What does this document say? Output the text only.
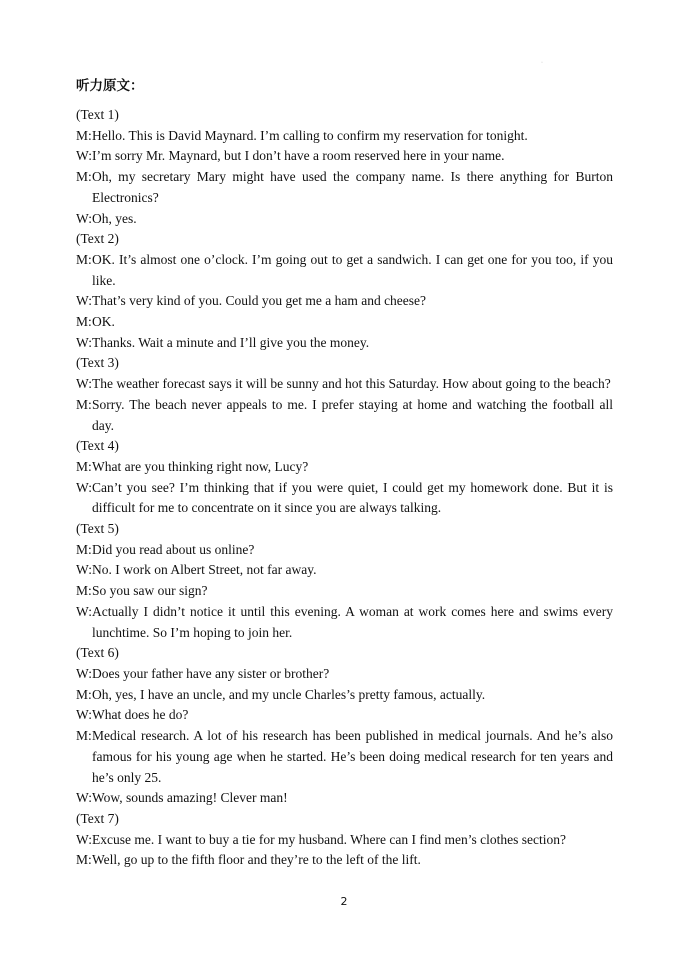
·
听力原文：
(Text 1)
M: Hello. This is David Maynard. I’m calling to confirm my reservation for tonight.
W: I’m sorry Mr. Maynard, but I don’t have a room reserved here in your name.
M: Oh, my secretary Mary might have used the company name. Is there anything for Burton Electronics?
W: Oh, yes.
(Text 2)
M: OK. It’s almost one o’clock. I’m going out to get a sandwich. I can get one for you too, if you like.
W: That’s very kind of you. Could you get me a ham and cheese?
M: OK.
W: Thanks. Wait a minute and I’ll give you the money.
(Text 3)
W: The weather forecast says it will be sunny and hot this Saturday. How about going to the beach?
M: Sorry. The beach never appeals to me. I prefer staying at home and watching the football all day.
(Text 4)
M: What are you thinking right now, Lucy?
W: Can’t you see? I’m thinking that if you were quiet, I could get my homework done. But it is difficult for me to concentrate on it since you are always talking.
(Text 5)
M: Did you read about us online?
W: No. I work on Albert Street, not far away.
M: So you saw our sign?
W: Actually I didn’t notice it until this evening. A woman at work comes here and swims every lunchtime. So I’m hoping to join her.
(Text 6)
W: Does your father have any sister or brother?
M: Oh, yes, I have an uncle, and my uncle Charles’s pretty famous, actually.
W: What does he do?
M: Medical research. A lot of his research has been published in medical journals. And he’s also famous for his young age when he started. He’s been doing medical research for ten years and he’s only 25.
W: Wow, sounds amazing! Clever man!
(Text 7)
W: Excuse me. I want to buy a tie for my husband. Where can I find men’s clothes section?
M: Well, go up to the fifth floor and they’re to the left of the lift.
2
